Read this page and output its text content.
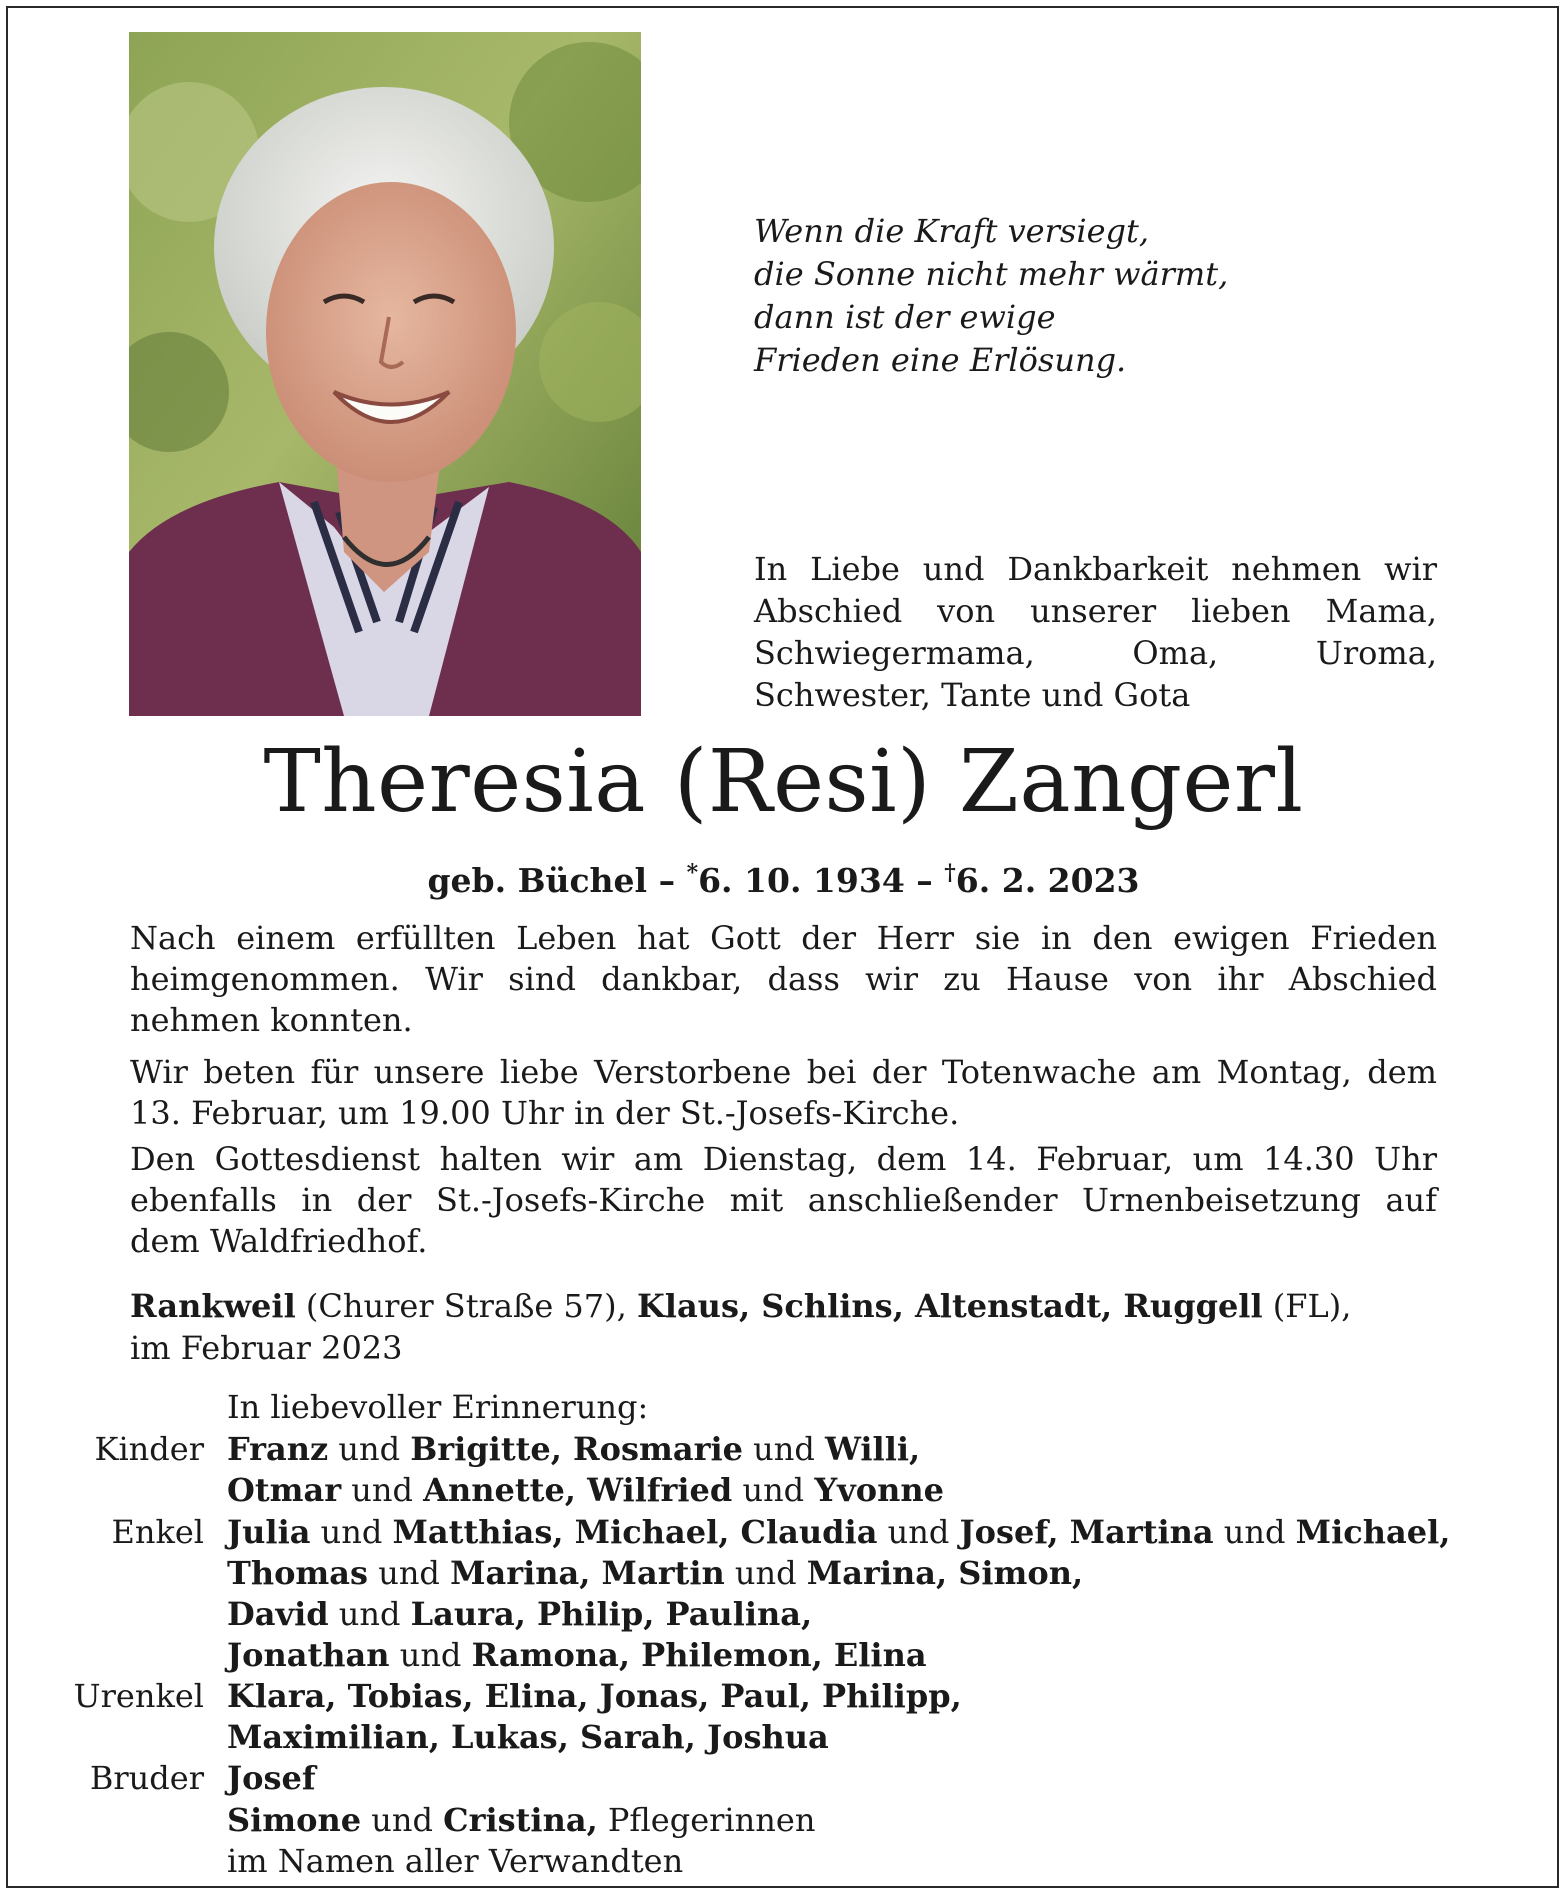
Wenn die Kraft versiegt,
die Sonne nicht mehr wärmt,
dann ist der ewige
Frieden eine Erlösung.
In Liebe und Dankbarkeit nehmen wir
Abschied von unserer lieben Mama,
Schwiegermama, Oma, Uroma,
Schwester, Tante und Gota
Theresia (Resi) Zangerl
geb. Büchel – *6. 10. 1934 – †6. 2. 2023
Nach einem erfüllten Leben hat Gott der Herr sie in den ewigen Frieden
heimgenommen. Wir sind dankbar, dass wir zu Hause von ihr Abschied
nehmen konnten.
Wir beten für unsere liebe Verstorbene bei der Totenwache am Montag, dem
13. Februar, um 19.00 Uhr in der St.-Josefs-Kirche.
Den Gottesdienst halten wir am Dienstag, dem 14. Februar, um 14.30 Uhr
ebenfalls in der St.-Josefs-Kirche mit anschließender Urnenbeisetzung auf
dem Waldfriedhof.
Rankweil (Churer Straße 57), Klaus, Schlins, Altenstadt, Ruggell (FL),
im Februar 2023
In liebevoller Erinnerung:
Kinder Franz und Brigitte, Rosmarie und Willi,
Otmar und Annette, Wilfried und Yvonne
Enkel Julia und Matthias, Michael, Claudia und Josef, Martina und Michael,
Thomas und Marina, Martin und Marina, Simon,
David und Laura, Philip, Paulina,
Jonathan und Ramona, Philemon, Elina
Urenkel Klara, Tobias, Elina, Jonas, Paul, Philipp,
Maximilian, Lukas, Sarah, Joshua
Bruder Josef
Simone und Cristina, Pflegerinnen
im Namen aller Verwandten
